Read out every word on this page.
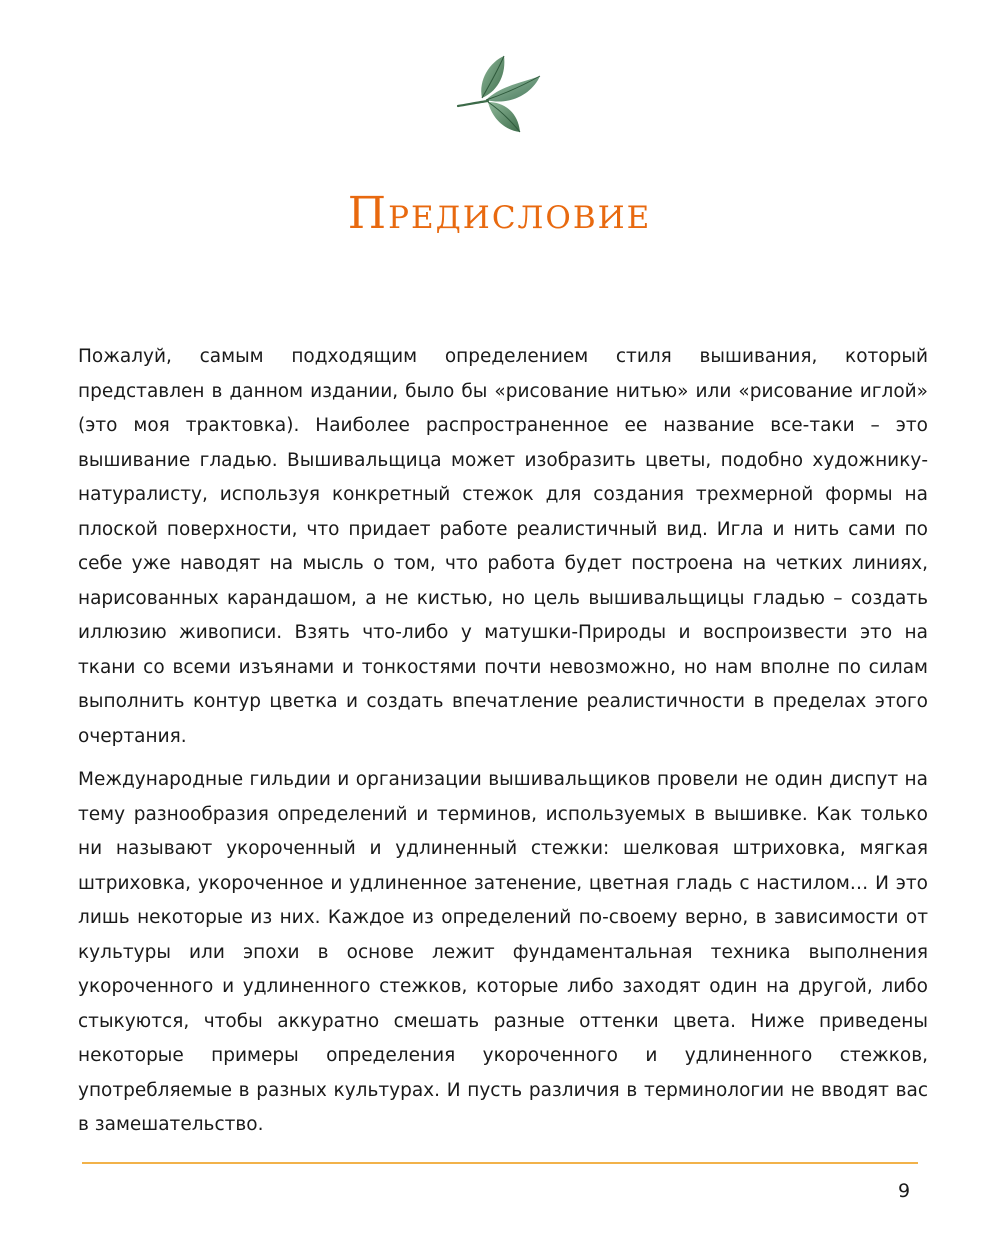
Предисловие

Пожалуй, самым подходящим определением стиля вышивания, который представлен в данном издании, было бы «рисование нитью» или «рисование иглой» (это моя трактовка). Наиболее распространенное ее название все-таки – это вышивание гладью. Вышивальщица может изобразить цветы, подобно художнику-натуралисту, используя конкретный стежок для создания трехмерной формы на плоской поверхности, что придает работе реалистичный вид. Игла и нить сами по себе уже наводят на мысль о том, что работа будет построена на четких линиях, нарисованных карандашом, а не кистью, но цель вышивальщицы гладью – создать иллюзию живописи. Взять что-либо у матушки-Природы и воспроизвести это на ткани со всеми изъянами и тонкостями почти невозможно, но нам вполне по силам выполнить контур цветка и создать впечатление реалистичности в пределах этого очертания.

Международные гильдии и организации вышивальщиков провели не один диспут на тему разнообразия определений и терминов, используемых в вышивке. Как только ни называют укороченный и удлиненный стежки: шелковая штриховка, мягкая штриховка, укороченное и удлиненное затенение, цветная гладь с настилом… И это лишь некоторые из них. Каждое из определений по-своему верно, в зависимости от культуры или эпохи в основе лежит фундаментальная техника выполнения укороченного и удлиненного стежков, которые либо заходят один на другой, либо стыкуются, чтобы аккуратно смешать разные оттенки цвета. Ниже приведены некоторые примеры определения укороченного и удлиненного стежков, употребляемые в разных культурах. И пусть различия в терминологии не вводят вас в замешательство.

9
